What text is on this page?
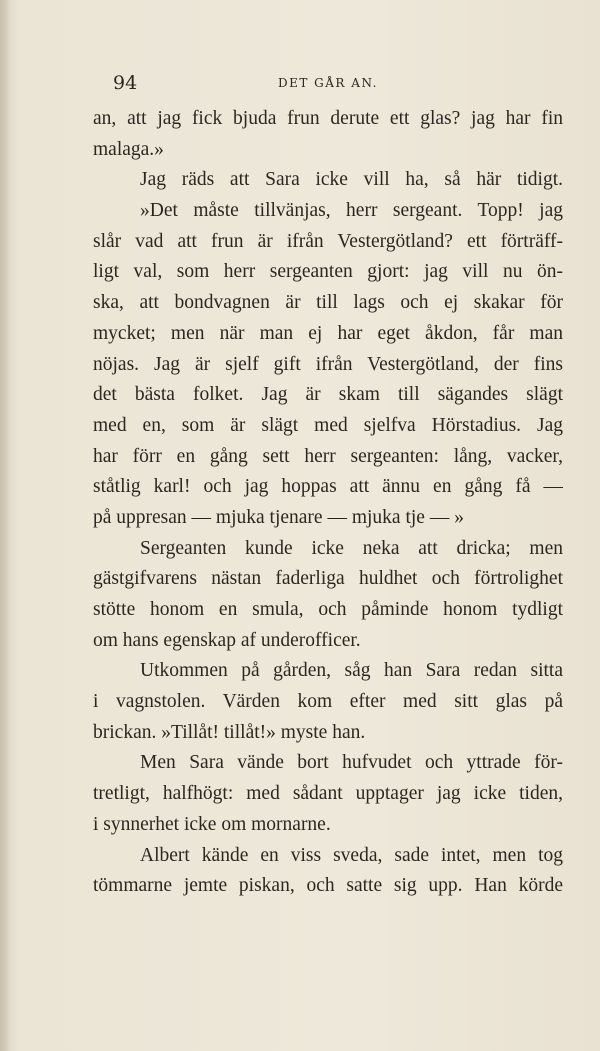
94	DET GÅR AN.
an, att jag fick bjuda frun derute ett glas? jag har fin
malaga.»
Jag räds att Sara icke vill ha, så här tidigt.
»Det måste tillvänjas, herr sergeant. Topp! jag
slår vad att frun är ifrån Vestergötland? ett förträff-
ligt val, som herr sergeanten gjort: jag vill nu ön-
ska, att bondvagnen är till lags och ej skakar för
mycket; men när man ej har eget åkdon, får man
nöjas. Jag är sjelf gift ifrån Vestergötland, der fins
det bästa folket. Jag är skam till sägandes slägt
med en, som är slägt med sjelfva Hörstadius. Jag
har förr en gång sett herr sergeanten: lång, vacker,
ståtlig karl! och jag hoppas att ännu en gång få —
på uppresan — mjuka tjenare — mjuka tje — »
Sergeanten kunde icke neka att dricka; men
gästgifvarens nästan faderliga huldhet och förtrolighet
stötte honom en smula, och påminde honom tydligt
om hans egenskap af underofficer.
Utkommen på gården, såg han Sara redan sitta
i vagnstolen. Värden kom efter med sitt glas på
brickan. »Tillåt! tillåt!» myste han.
Men Sara vände bort hufvudet och yttrade för-
tretligt, halfhögt: med sådant upptager jag icke tiden,
i synnerhet icke om mornarne.
Albert kände en viss sveda, sade intet, men tog
tömmarne jemte piskan, och satte sig upp. Han körde
